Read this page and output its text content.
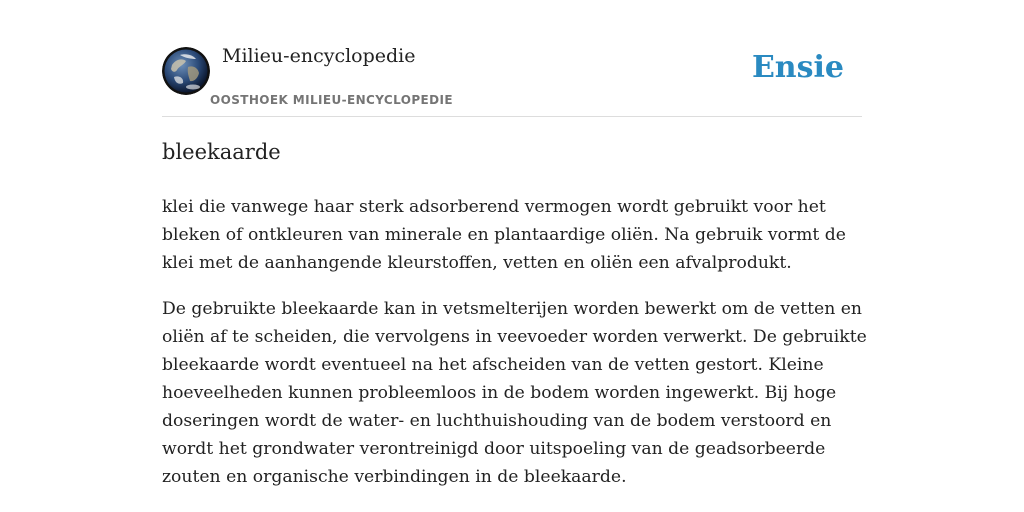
Milieu-encyclopedie
OOSTHOEK MILIEU-ENCYCLOPEDIE
Ensie
bleekaarde

klei die vanwege haar sterk adsorberend vermogen wordt gebruikt voor het
bleken of ontkleuren van minerale en plantaardige oliën. Na gebruik vormt de
klei met de aanhangende kleurstoffen, vetten en oliën een afvalprodukt.

De gebruikte bleekaarde kan in vetsmelterijen worden bewerkt om de vetten en
oliën af te scheiden, die vervolgens in veevoeder worden verwerkt. De gebruikte
bleekaarde wordt eventueel na het afscheiden van de vetten gestort. Kleine
hoeveelheden kunnen probleemloos in de bodem worden ingewerkt. Bij hoge
doseringen wordt de water- en luchthuishouding van de bodem verstoord en
wordt het grondwater verontreinigd door uitspoeling van de geadsorbeerde
zouten en organische verbindingen in de bleekaarde.
